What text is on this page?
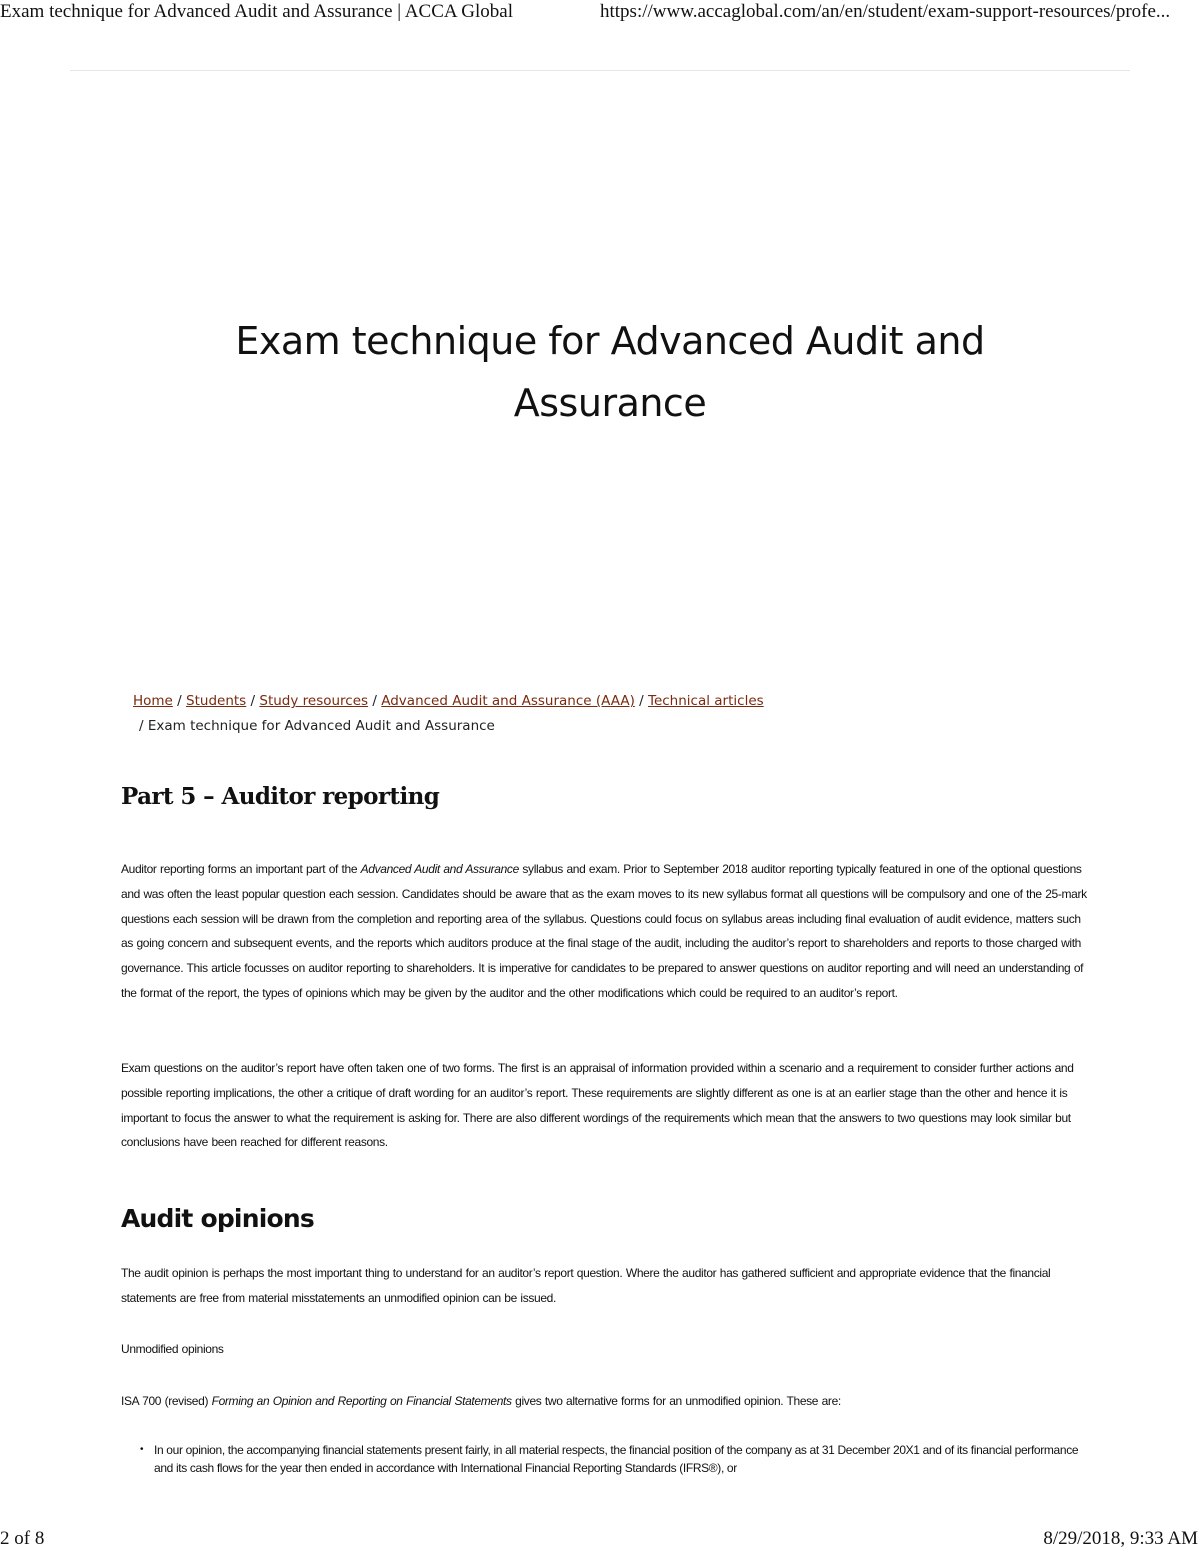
Exam technique for Advanced Audit and Assurance | ACCA Global	https://www.accaglobal.com/an/en/student/exam-support-resources/profe...
Exam technique for Advanced Audit and Assurance
Home / Students / Study resources / Advanced Audit and Assurance (AAA) / Technical articles
/ Exam technique for Advanced Audit and Assurance
Part 5 – Auditor reporting

Auditor reporting forms an important part of the Advanced Audit and Assurance syllabus and exam. Prior to September 2018 auditor reporting typically featured in one of the optional questions and was often the least popular question each session. Candidates should be aware that as the exam moves to its new syllabus format all questions will be compulsory and one of the 25-mark questions each session will be drawn from the completion and reporting area of the syllabus. Questions could focus on syllabus areas including final evaluation of audit evidence, matters such as going concern and subsequent events, and the reports which auditors produce at the final stage of the audit, including the auditor’s report to shareholders and reports to those charged with governance. This article focusses on auditor reporting to shareholders. It is imperative for candidates to be prepared to answer questions on auditor reporting and will need an understanding of the format of the report, the types of opinions which may be given by the auditor and the other modifications which could be required to an auditor’s report.

Exam questions on the auditor’s report have often taken one of two forms. The first is an appraisal of information provided within a scenario and a requirement to consider further actions and possible reporting implications, the other a critique of draft wording for an auditor’s report. These requirements are slightly different as one is at an earlier stage than the other and hence it is important to focus the answer to what the requirement is asking for. There are also different wordings of the requirements which mean that the answers to two questions may look similar but conclusions have been reached for different reasons.

Audit opinions

The audit opinion is perhaps the most important thing to understand for an auditor’s report question. Where the auditor has gathered sufficient and appropriate evidence that the financial statements are free from material misstatements an unmodified opinion can be issued.

Unmodified opinions

ISA 700 (revised) Forming an Opinion and Reporting on Financial Statements gives two alternative forms for an unmodified opinion. These are:

• In our opinion, the accompanying financial statements present fairly, in all material respects, the financial position of the company as at 31 December 20X1 and of its financial performance and its cash flows for the year then ended in accordance with International Financial Reporting Standards (IFRS®), or
2 of 8	8/29/2018, 9:33 AM
